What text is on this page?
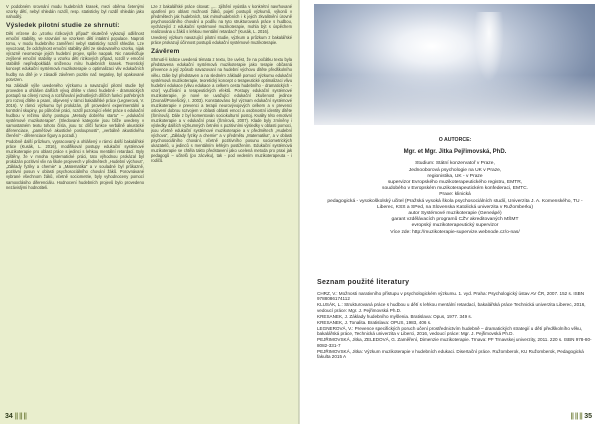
V podobném srovnání modu hudebních krasek, mezi oběma četenými vzorky dětí, nebyl shledán rozdíl, resp. statisticky byl rozdíl shledán jako nahodilý.

Výsledek pilotní studie ze shrnutí:

Děti vrízene do „vzorku rizikových případ“ skutečně vykazují odlišnost emoční stability, ve srovnání se vzorkem dětí intaktní populace. Naproti tomu, v modu hudebního zaměření nebyl statisticky rozdíl shledán. Lze vyvozovat, že odchylnost emoční stability dětí ze sledovaného vzorku, nijak výrazně neomezuje jejich hudební projev, spíše naopak. Nic nasvědčuje zvýšené emoční stability u vzorku dětí rizikových případ, rozdíl v emoční stabilitě nepředpokládá sníženou míru hudebních krasek. Teoretický koncept edukační systémová muzikoterapie o optimalizaci vliv edukačních hudby na dítě je v zásadě závěrem pozitiv nač negativy, byl opakované potvrzen.

Na základě výše uvedeného výzkumu a navazující pilotní studie byl proveden a ohlášen dalších vývoj dítěte v rámci hudebně - dramatických postupů na cílený rozvoj a rozšiřování jednotlivých dílčích funkcí potřebných pro rozvoj dítěte a psaní, objevený v rámci bakalářské práce (Legnerová, V. 2016). V rámci výzkumu byl prokázán, při provedení experimentální a kontrolní skupiny, po půlročně práci, rozdíl pozorující efekt práce s edukační hudbou v režimu úlohy postupu „Metody dobrého startu“ – „edukační systémové muzikoterapie“. (Sledované kategorie jsou blíže uvedeny v samostatném textu tohoto čísla, jsou to: dílčí funkce verbálně akustické diferenciace, „paměťové akustické posloupnosti“, „verbálně akustického členění“ - diferenciace figury a pozadí.)

Podobně další průzkum, vypracovaný a ohlášený v rámci další bakalářské práce (Kusák, L. 2016), modifikoval postupy edukační systémové muzikoterapie pro oblast práce s jedinci s lehkou mentální retardací. Byly zjištěny, že v mnoha systematické práci, tato výhodnou prokázal byl prokázán pozitivní vliv na škole projevech v předmětech „Hudební výchova“, „Základy fyziky a chemie“ a „Matematika“ a v souladné byl průkazně, pozitivní posun v oblasti psychosociálního chování žáků. Porovnávané vybrané všechnom žáků, včetně sociometrie, byly vyhodnoceny pomocí samoxclásiho diferenciálu. Hodnocení hudebních projevů bylo provedeno nezávislými hodnotiteli.

Lze z bakalářské práce citovat: „… zjištění vyústila v konkrétní navrhované opatření pro oblast možnosti žáků, pojetí postupů výzkumů, výkonů v předmětech jak hudebních, tak mimohudebních i k jejich zkvalitnění úrovně psychosociálního chování a podílu na tyto strukturovaná práce s hudbou, vycházející z edukační systémové muzikoterapie, mohla být s úspěchem realizována u žáků s lehkou mentální retardací“ (Kusák, L. 2016).

Uvedený výzkum navazující pilotní studie, výzkum a průzkum z bakalářské práce prokazují účinnost postupů edukační systémové muzikoterapie.

Závěrem

Shrnutí-li krátce uvedená témata z textu, lze uvést, že na počátku textu byla představena edukační systémová muzikoterapie jako terapie občasná převence a její způsob navazovaní na hudební výchovu dítěte předškolního věku. Dále byl představen a na sledném základě pomocí výzkumu edukační systémová muzikoterapie, teoretický koncept o terapeutické optimalizaci vlivu hudební edukace (vlivu edukace a celkem cesta hudebního - dramatických - vzor) využívání a terapeutických efektů. Postupy edukační systémové muzikoterapie, je nové se uvažující edukační zkušenost jedince (Zvonaš/Ponešický, I. 2003). Konstatováno byl význam edukační systémové muzikoterapie v prevenci a terapii neurovývojových celkem a v prevenci oslovení dobrou rozvojem v oblasti oblasti emocí a osobnostní identity dítěte (Šmírová). Dále z byl komentován sociokulturní postoj. Kvality této emotivní muzikoterapie a v edukační praxi (Šmírová, 2007). Klade byly zmíněny i výsledky dalších výzkumných četněni s pozitivními výsledky v oblasti pomoci, jsou včetně edukační systémové muzikoterapie a v předmětech „Hudební výchova“, „Základy fyziky a chemie“ a v předmětu „Matematika“, a v oblasti psychosociálního chování, včetně pozitivního posunu sociometrických ukazatelů, u jedinců s mentálním lehkým postižením. Edukační systémová muzikoterapie se chtěla takto představení jako ucelená metoda pro praxi jak pedagogů – učitelů (po zácviku), tak - pod vedením muzikoterapeuta - i rodičů.

34 || || ||
O AUTORCE:
Mgr. et Mgr. Jitka Pejřimovská, PhD.
Studium: Státní konzervatoř v Praze,
Jednooborová psychologie na UK v Praze,
regionistika, UK - v Praze
supervizor Evropského muzikoterapeutického registru, EMTR,
soudobého v Evropském muzikoterapeutickém konfederaci, EMTC.
Praxe: klinická
pedagogická - vysokoškolský učitel (Pražská vysoká škola psychosociálních studií, Univerzita J. A. Komenského, TU - Liberec, KSS a SPed, na Slovenska Katolická univerzita v Ružomberku)
autor Systémové muzikoterapie (Geneápé)
garant vzdělávacích programů CŽV akreditovaných MŠMT
evropský muzikoterapeutický supervizor
Více zde: http://muzikoterapie-supervize.webnode.cz/o-nas/
Seznam použité literatury
CHRZ, V.: Možnosti narativního přístupu v psychologickém výzkumu. 1. vyd. Praha: Psychologický ústav AV ČR, 2007. 152 s. ISBN 9788086174112
KLUSÁK, L.: Strukturovaná práce s hudbou u dětí s lehkou mentální retardací, bakalářská práce Technická univerzita Liberec, 2016, vedoucí práce: Mgr. J. Pejřimovská Ph.D.
KRESANEK, J. Základy hudebního myšlenia. Bratislava: Opus, 1977. 349 s.
KRESANEK, J. Tonalita. Bratislava: OPUS, 1983, 406 s.
LEGNEROVÁ, V.: Prevence specifických poruch učení prostřednictvím hudebně – dramatických strategií u dětí předškolního věku, bakalářská práce, Technická univerzita v Liberci, 2016, vedoucí práce: Mgr. J. Pejřimovská Ph.D.
PEJŘIMOVSKÁ, Jitka, ZELEDOVÁ, G. Zaměření, Dimenzie muzikoterapie. Trnava: PF Trnavskej univerzity, 2011. 220 s. ISBN 978-80-8082-331-7
PEJŘIMOVSKÁ, Jitka: Výzkum muzikoterapie v hudebních edukaci. Disertační práce. Ružomberok, KU Ružomberok, Pedagogická fakulta 2015 A
|| || || 35
